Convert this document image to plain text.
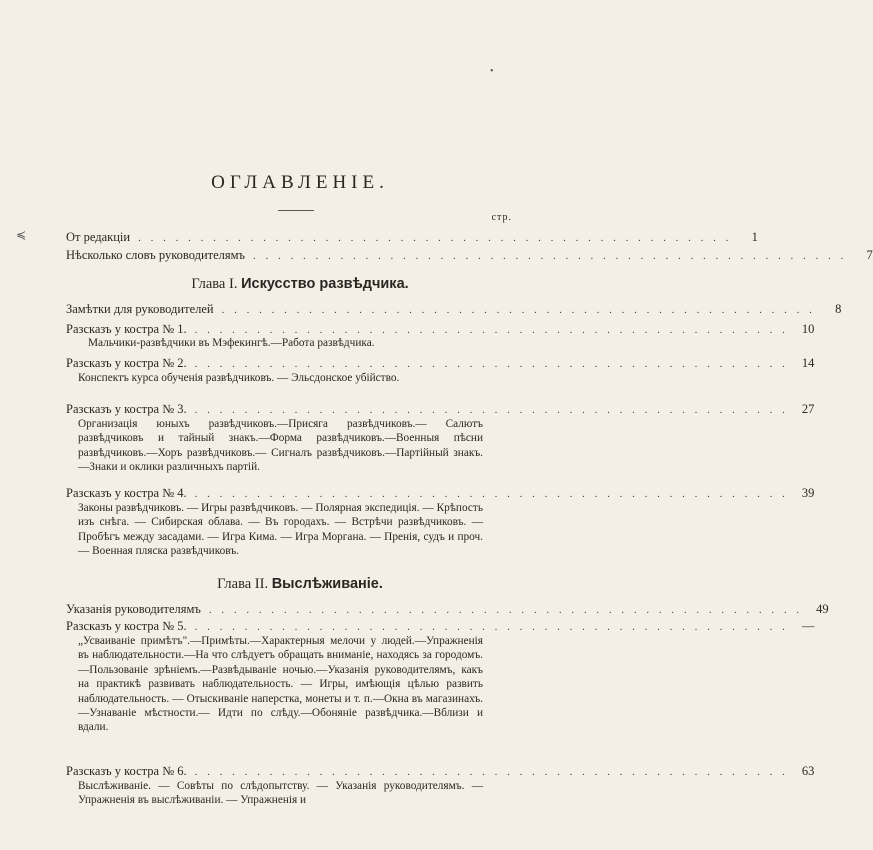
•
≼
ОГЛАВЛЕНІЕ.
стр.
От редакціи . . . . . . . . . . . . . . . . . . . . . . . . . . . . . . . . . . . . . . . . . . . . . . . .	1
Нѣсколько словъ руководителямъ . . . . . . . . . . . . . . . . . . . . . . . . . . . . . . . . . . . . . . . . . . . . . . . .	7
Глава I. Искусство развѣдчика.
Замѣтки для руководителей . . . . . . . . . . . . . . . . . . . . . . . . . . . . . . . . . . . . . . . . . . . . . . . .	8
Разсказъ у костра № 1. . . . . . . . . . . . . . . . . . . . . . . . . . . . . . . . . . . . . . . . . . . . . . . . .	10
Мальчики-развѣдчики въ Мэфекингѣ.—Работа развѣдчика.
Разсказъ у костра № 2. . . . . . . . . . . . . . . . . . . . . . . . . . . . . . . . . . . . . . . . . . . . . . . . .	14
Конспектъ курса обученія развѣдчиковъ. — Эльсдонское убійство.
Разсказъ у костра № 3. . . . . . . . . . . . . . . . . . . . . . . . . . . . . . . . . . . . . . . . . . . . . . . . .	27
Организація юныхъ развѣдчиковъ.—Присяга развѣдчиковъ.— Салютъ развѣдчиковъ и тайный знакъ.—Форма развѣдчиковъ.—Военныя пѣсни развѣдчиковъ.—Хоръ развѣдчиковъ.— Сигналъ развѣдчиковъ.—Партійный знакъ.—Знаки и оклики различныхъ партій.
Разсказъ у костра № 4. . . . . . . . . . . . . . . . . . . . . . . . . . . . . . . . . . . . . . . . . . . . . . . . .	39
Законы развѣдчиковъ. — Игры развѣдчиковъ. — Полярная экспедиція. — Крѣпость изъ снѣга. — Сибирская облава. — Въ городахъ. — Встрѣчи развѣдчиковъ. — Пробѣгъ между засадами. — Игра Кима. — Игра Моргана. — Пренія, судъ и проч. — Военная пляска развѣдчиковъ.
Глава II. Выслѣживаніе.
Указанія руководителямъ . . . . . . . . . . . . . . . . . . . . . . . . . . . . . . . . . . . . . . . . . . . . . . . .	49
Разсказъ у костра № 5. . . . . . . . . . . . . . . . . . . . . . . . . . . . . . . . . . . . . . . . . . . . . . . . .	—
„Усваиваніе примѣтъ".—Примѣты.—Характерныя мелочи у людей.—Упражненія въ наблюдательности.—На что слѣдуетъ обращать вниманіе, находясь за городомъ.—Пользованіе зрѣніемъ.—Развѣдываніе ночью.—Указанія руководителямъ, какъ на практикѣ развивать наблюдательность. — Игры, имѣющія цѣлью развить наблюдательность. — Отыскиваніе наперстка, монеты и т. п.—Окна въ магазинахъ.—Узнаваніе мѣстности.— Идти по слѣду.—Обоняніе развѣдчика.—Вблизи и вдали.
Разсказъ у костра № 6. . . . . . . . . . . . . . . . . . . . . . . . . . . . . . . . . . . . . . . . . . . . . . . . .	63
Выслѣживаніе. — Совѣты по слѣдопытству. — Указанія руководителямъ. — Упражненія въ выслѣживаніи. — Упражненія и
